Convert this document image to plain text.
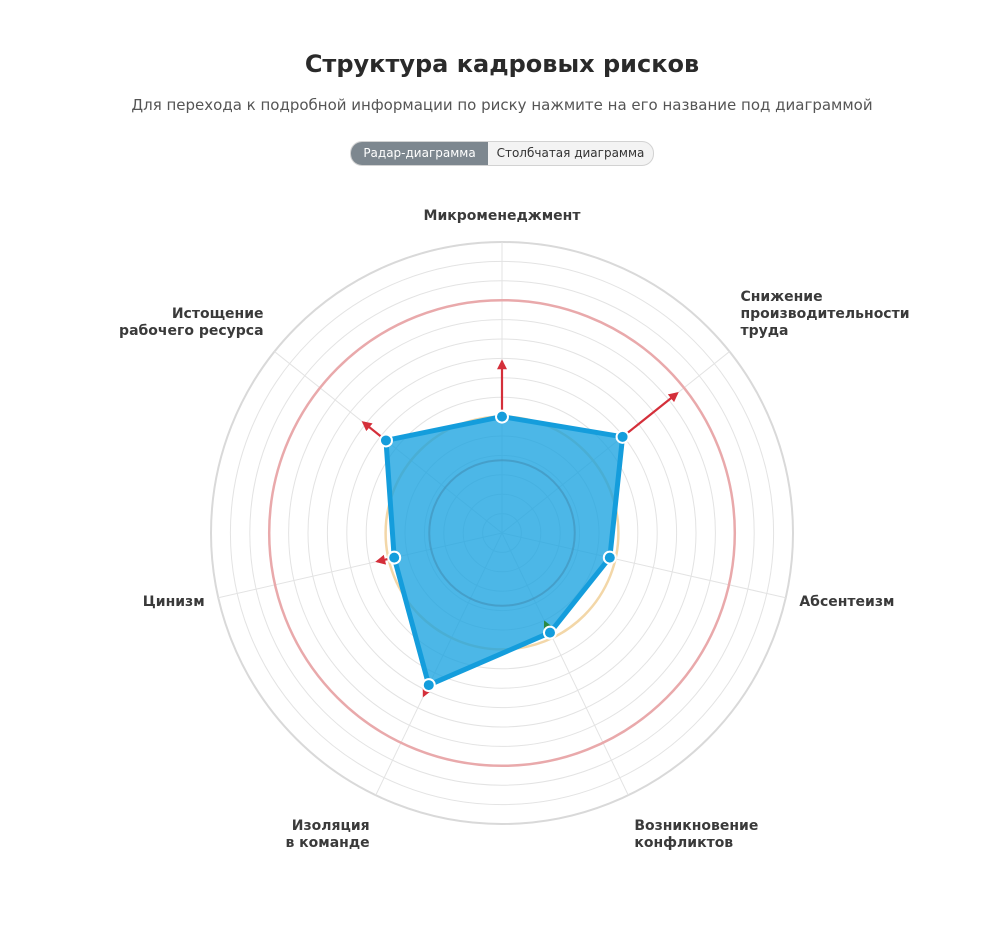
Структура кадровых рисков
Для перехода к подробной информации по риску нажмите на его название под диаграммой
Радар-диаграмма	Столбчатая диаграмма
Микроменеджмент
Снижение производительности труда
Абсентеизм
Возникновение конфликтов
Изоляция в команде
Цинизм
Истощение рабочего ресурса
